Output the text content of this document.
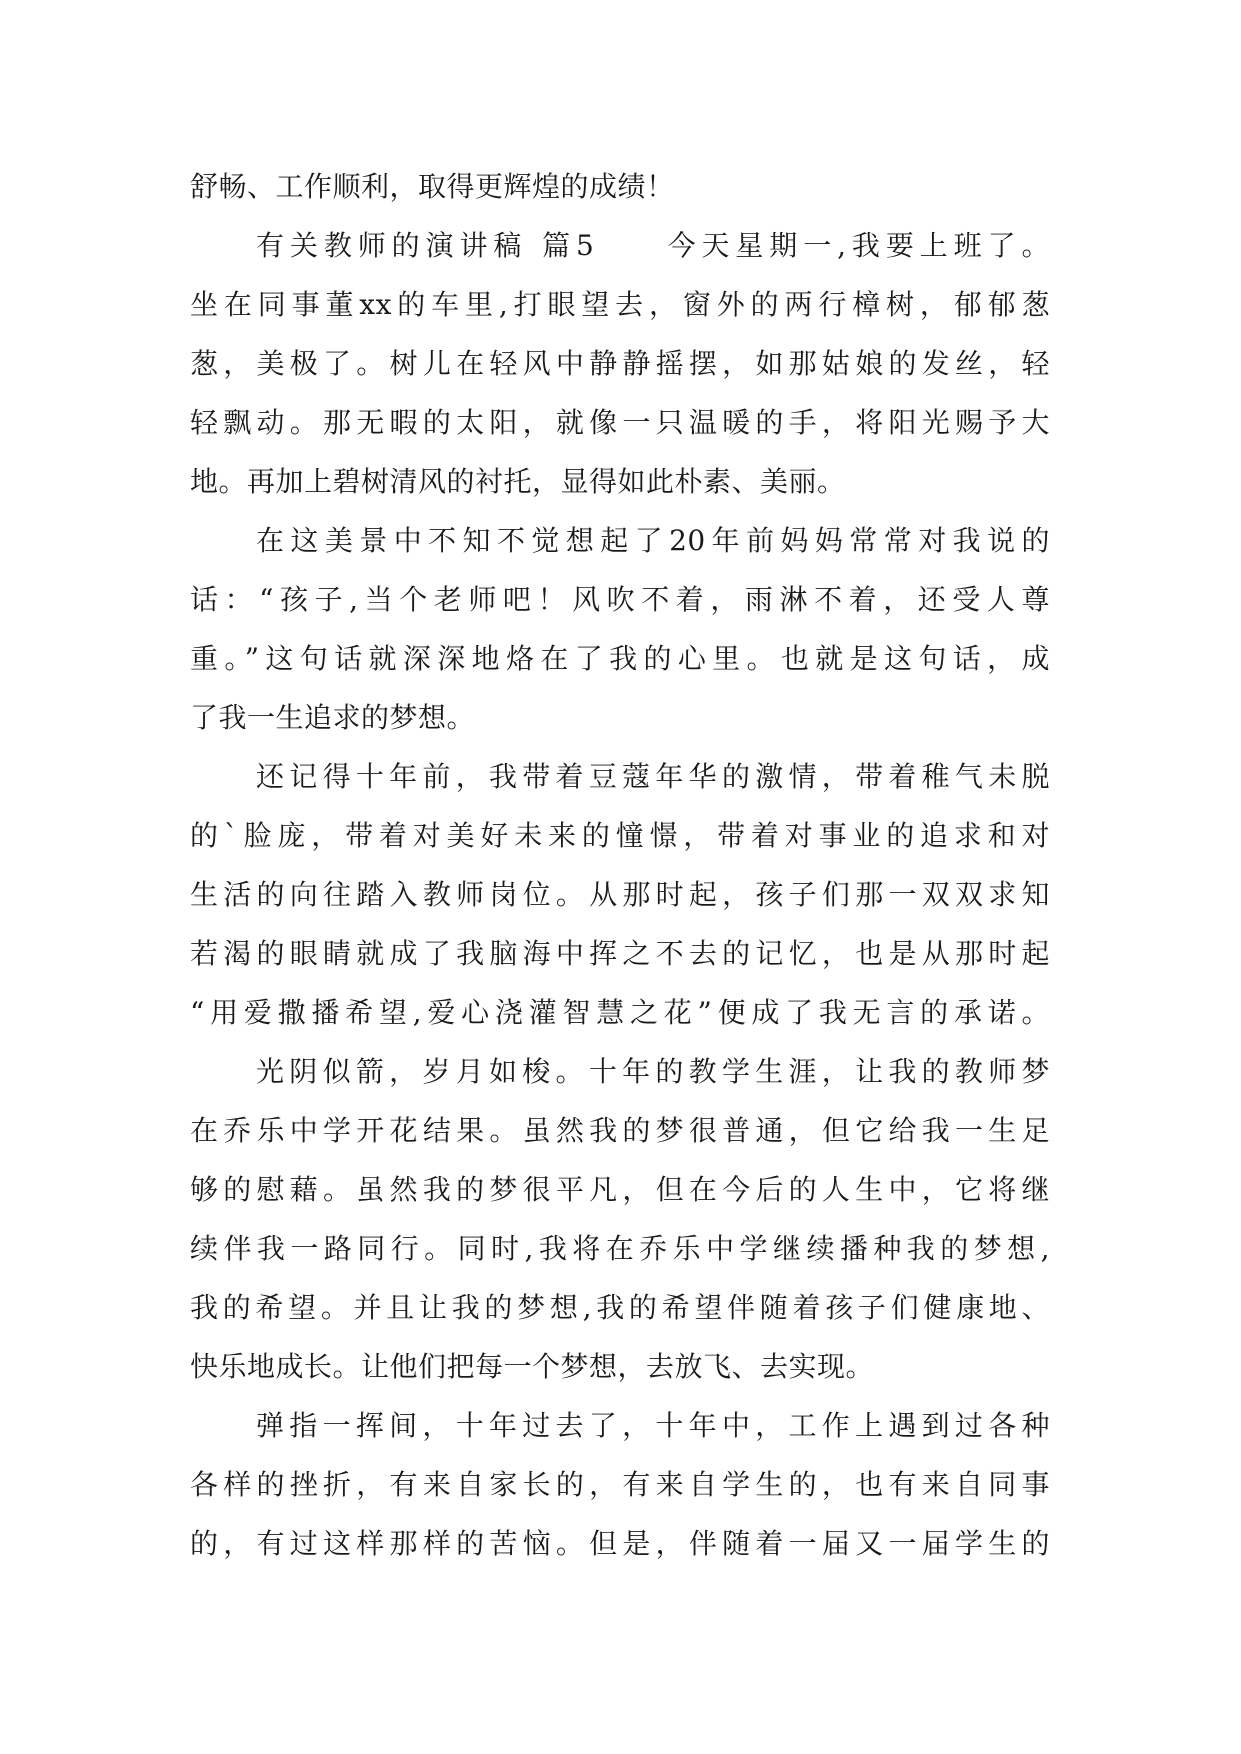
舒畅、工作顺利，取得更辉煌的成绩！
有关教师的演讲稿 篇5　　今天星期一,我要上班了。
坐在同事董xx的车里,打眼望去，窗外的两行樟树，郁郁葱
葱，美极了。树儿在轻风中静静摇摆，如那姑娘的发丝，轻
轻飘动。那无暇的太阳，就像一只温暖的手，将阳光赐予大
地。再加上碧树清风的衬托，显得如此朴素、美丽。
在这美景中不知不觉想起了20年前妈妈常常对我说的
话：“孩子,当个老师吧！风吹不着，雨淋不着，还受人尊
重。”这句话就深深地烙在了我的心里。也就是这句话，成
了我一生追求的梦想。
还记得十年前，我带着豆蔻年华的激情，带着稚气未脱
的`脸庞，带着对美好未来的憧憬，带着对事业的追求和对
生活的向往踏入教师岗位。从那时起，孩子们那一双双求知
若渴的眼睛就成了我脑海中挥之不去的记忆，也是从那时起
“用爱撒播希望,爱心浇灌智慧之花”便成了我无言的承诺。
光阴似箭，岁月如梭。十年的教学生涯，让我的教师梦
在乔乐中学开花结果。虽然我的梦很普通，但它给我一生足
够的慰藉。虽然我的梦很平凡，但在今后的人生中，它将继
续伴我一路同行。同时,我将在乔乐中学继续播种我的梦想,
我的希望。并且让我的梦想,我的希望伴随着孩子们健康地、
快乐地成长。让他们把每一个梦想，去放飞、去实现。
弹指一挥间，十年过去了，十年中，工作上遇到过各种
各样的挫折，有来自家长的，有来自学生的，也有来自同事
的，有过这样那样的苦恼。但是，伴随着一届又一届学生的
